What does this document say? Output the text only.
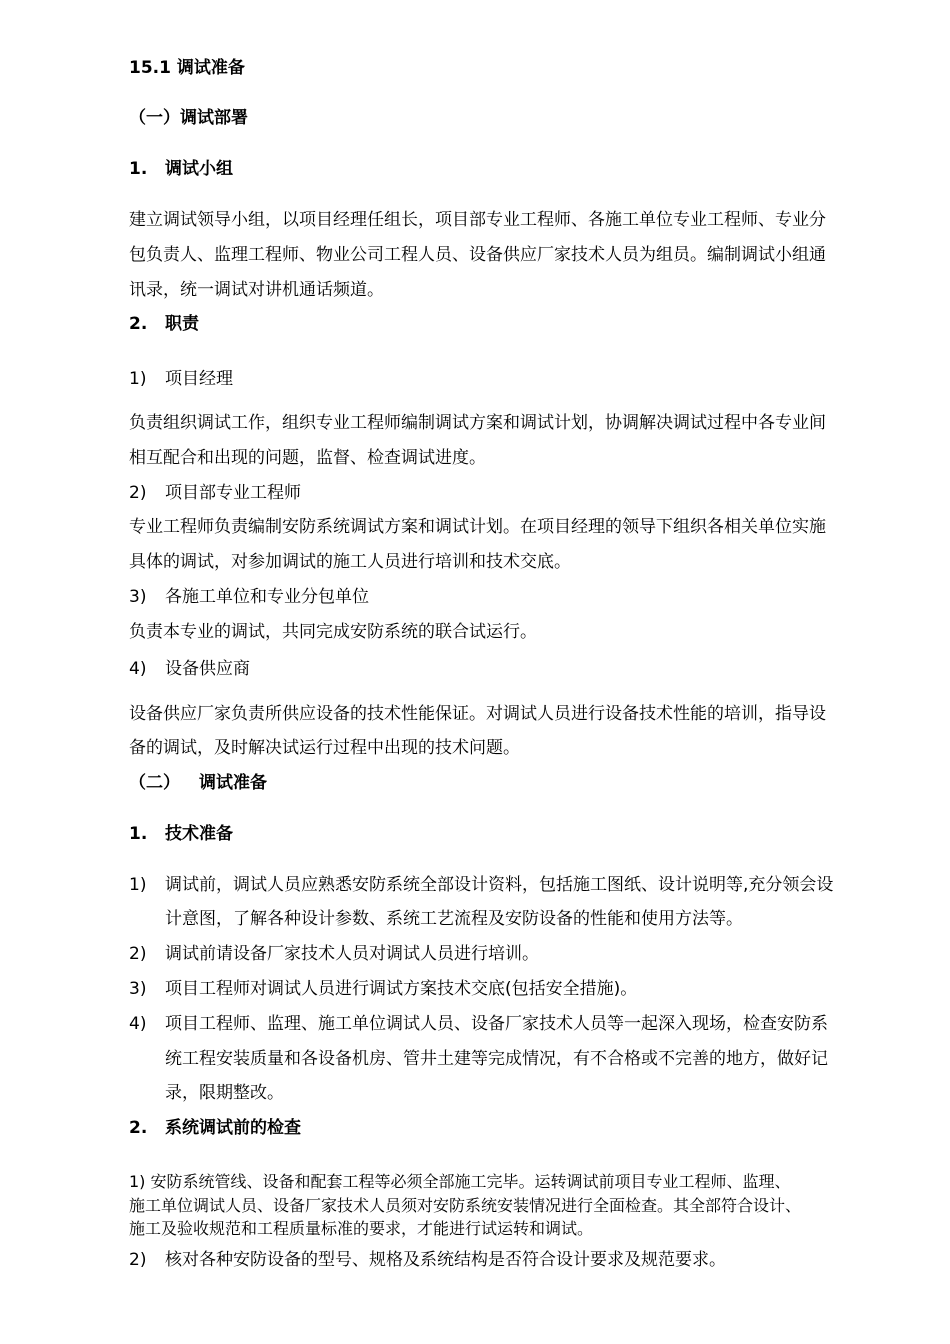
15.1 调试准备
（一）调试部署
1. 调试小组
建立调试领导小组，以项目经理任组长，项目部专业工程师、各施工单位专业工程师、专业分
包负责人、监理工程师、物业公司工程人员、设备供应厂家技术人员为组员。编制调试小组通
讯录，统一调试对讲机通话频道。
2. 职责
1) 项目经理
负责组织调试工作，组织专业工程师编制调试方案和调试计划，协调解决调试过程中各专业间
相互配合和出现的问题，监督、检查调试进度。
2) 项目部专业工程师
专业工程师负责编制安防系统调试方案和调试计划。在项目经理的领导下组织各相关单位实施
具体的调试，对参加调试的施工人员进行培训和技术交底。
3) 各施工单位和专业分包单位
负责本专业的调试，共同完成安防系统的联合试运行。
4) 设备供应商
设备供应厂家负责所供应设备的技术性能保证。对调试人员进行设备技术性能的培训，指导设
备的调试，及时解决试运行过程中出现的技术问题。
（二） 调试准备
1. 技术准备
1) 调试前，调试人员应熟悉安防系统全部设计资料，包括施工图纸、设计说明等,充分领会设
计意图，了解各种设计参数、系统工艺流程及安防设备的性能和使用方法等。
2) 调试前请设备厂家技术人员对调试人员进行培训。
3) 项目工程师对调试人员进行调试方案技术交底(包括安全措施)。
4) 项目工程师、监理、施工单位调试人员、设备厂家技术人员等一起深入现场，检查安防系
统工程安装质量和各设备机房、管井土建等完成情况，有不合格或不完善的地方，做好记
录，限期整改。
2. 系统调试前的检查
1) 安防系统管线、设备和配套工程等必须全部施工完毕。运转调试前项目专业工程师、监理、
施工单位调试人员、设备厂家技术人员须对安防系统安装情况进行全面检查。其全部符合设计、
施工及验收规范和工程质量标准的要求，才能进行试运转和调试。
2) 核对各种安防设备的型号、规格及系统结构是否符合设计要求及规范要求。
